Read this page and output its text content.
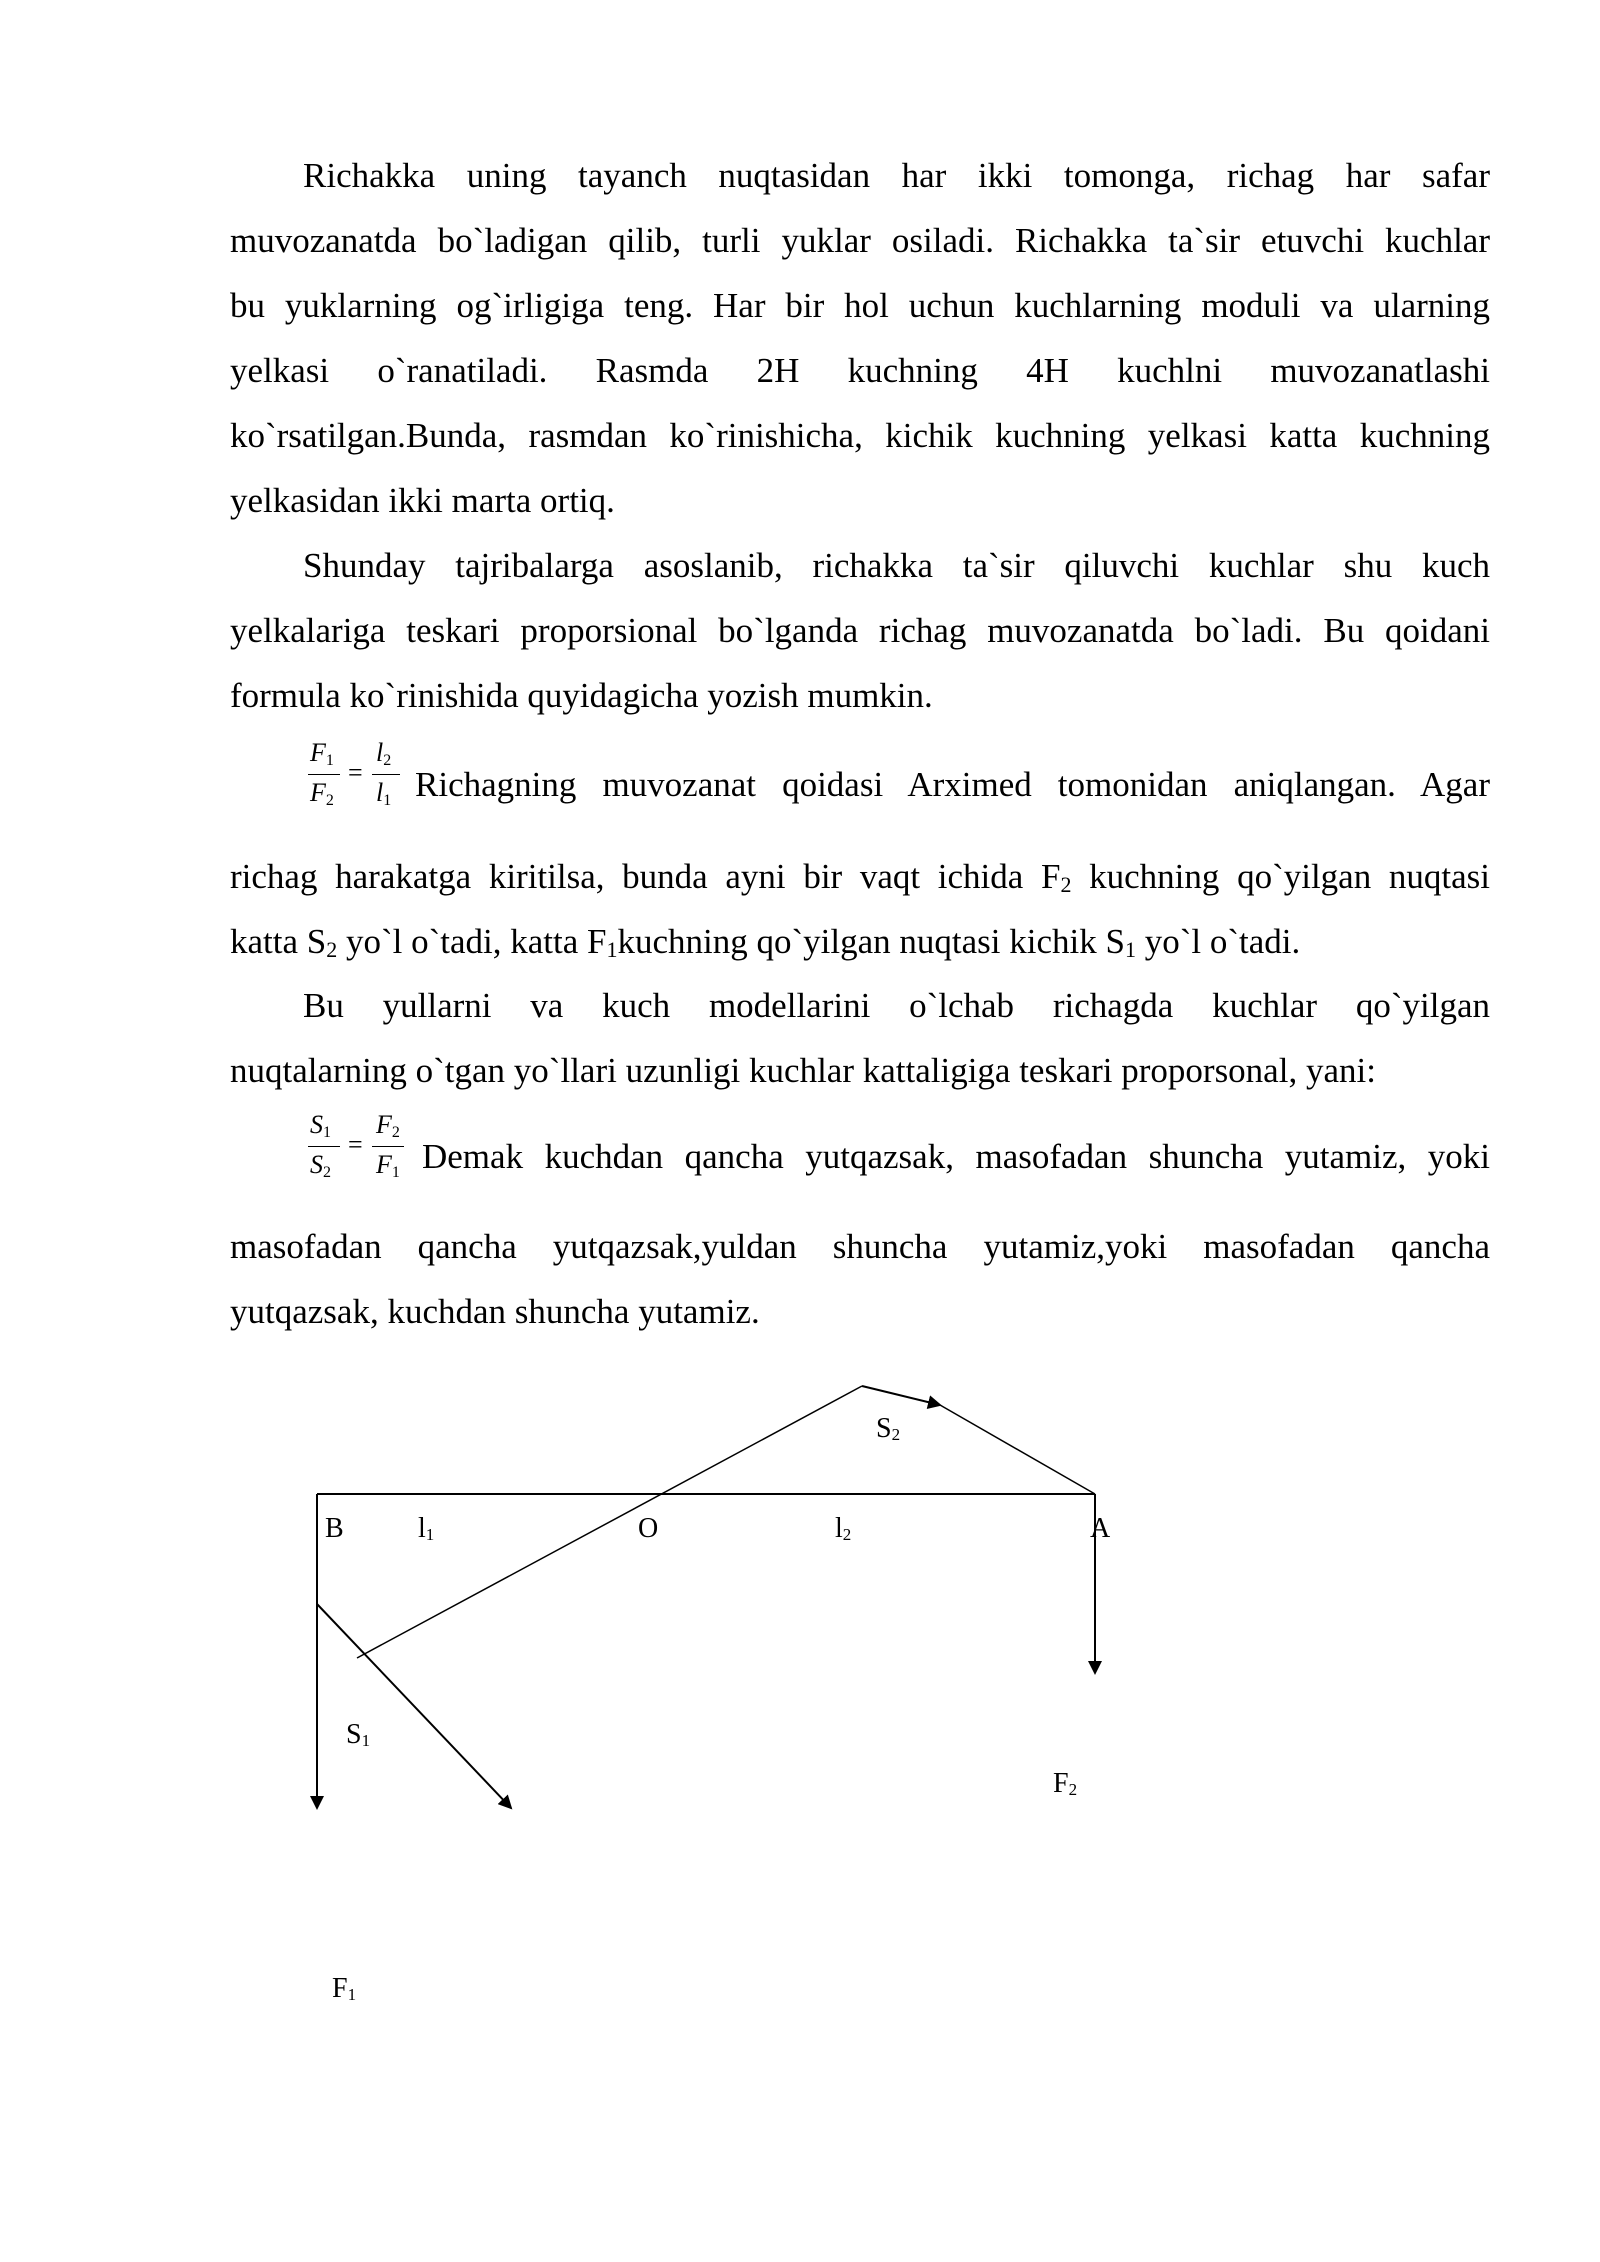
Richakka uning tayanch nuqtasidan har ikki tomonga, richag har safar
muvozanatda bo`ladigan qilib, turli yuklar osiladi. Richakka ta`sir etuvchi kuchlar
bu yuklarning og`irligiga teng. Har bir hol uchun kuchlarning moduli va ularning
yelkasi o`ranatiladi. Rasmda 2H kuchning 4H kuchlni muvozanatlashi
ko`rsatilgan.Bunda, rasmdan ko`rinishicha, kichik kuchning yelkasi katta kuchning
yelkasidan ikki marta ortiq.
Shunday tajribalarga asoslanib, richakka ta`sir qiluvchi kuchlar shu kuch
yelkalariga teskari proporsional bo`lganda richag muvozanatda bo`ladi. Bu qoidani
formula ko`rinishida quyidagicha yozish mumkin.
$F_1$
$F_2$
=
$l_2$
$l_1$ Richagning muvozanat qoidasi Arximed tomonidan aniqlangan. Agar
richag harakatga kiritilsa, bunda ayni bir vaqt ichida $F_2$ kuchning qo`yilgan nuqtasi
katta $S_2$ yo`l o`tadi, katta $F_1kuchning$ qo`yilgan nuqtasi kichik $S_1$ yo`l o`tadi.
Bu yullarni va kuch modellarini o`lchab richagda kuchlar qo`yilgan
nuqtalarning o`tgan yo`llari uzunligi kuchlar kattaligiga teskari proporsonal, yani:
$S_1$
$S_2$
=
$F_2$
$F_1$ Demak kuchdan qancha yutqazsak, masofadan shuncha yutamiz, yoki
masofadan qancha yutqazsak,yuldan shuncha yutamiz,yoki masofadan qancha
yutqazsak, kuchdan shuncha yutamiz.
B	$l_1$	O	$l_2$	A
$S_2$
$S_1$
$F_2$
$F_1$
